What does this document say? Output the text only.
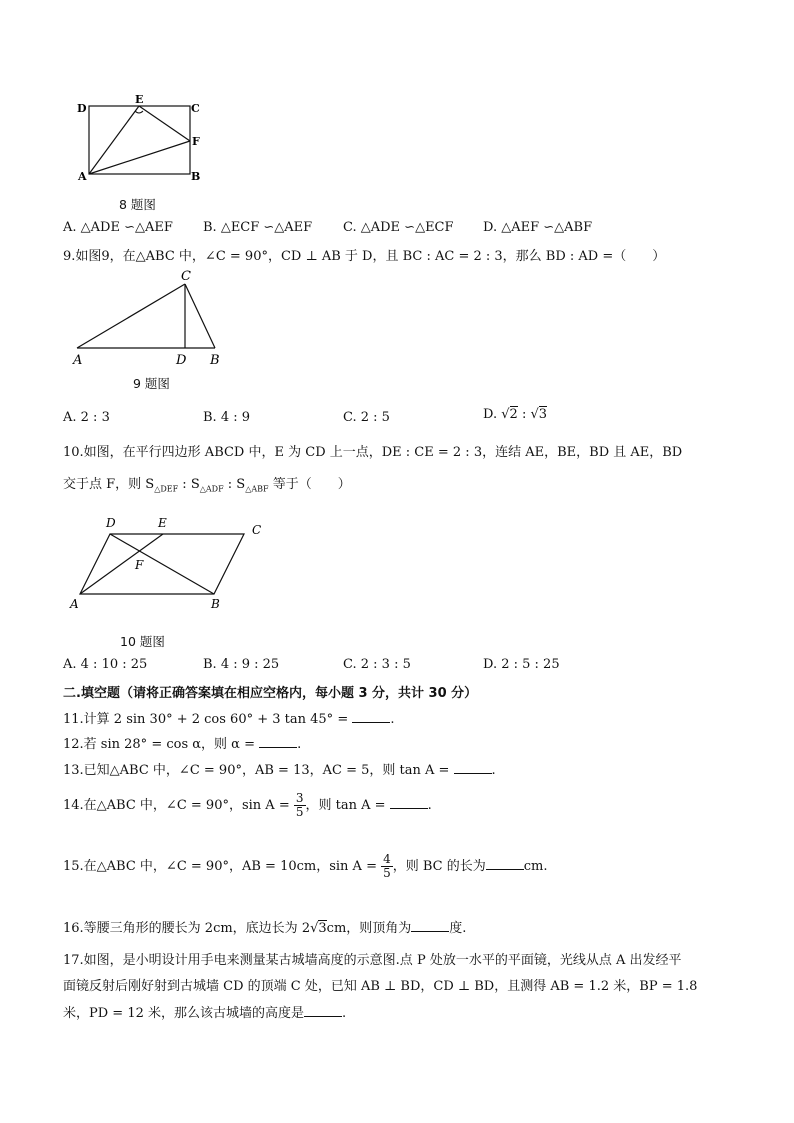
D
E
C
F
A	B
8 题图
A. △ADE ∽△AEF B. △ECF ∽△AEF C. △ADE ∽△ECF D. △AEF ∽△ABF
9.如图9，在△ABC 中，∠C = 90°，CD ⊥ AB 于 D，且 BC : AC = 2 : 3，那么 BD : AD =（　　）
C
A	D B
9 题图
A. 2 : 3	B. 4 : 9	C. 2 : 5	D. √2 : √3
10.如图，在平行四边形 ABCD 中，E 为 CD 上一点，DE : CE = 2 : 3，连结 AE，BE，BD 且 AE，BD
交于点 F，则 $S_{\triangle DEF}$ : $S_{\triangle ADF}$ : $S_{\triangle ABF}$ 等于（　　）
D	E	C
F
A	B
10 题图
A. 4 : 10 : 25	B. 4 : 9 : 25	C. 2 : 3 : 5	D. 2 : 5 : 25
二.填空题（请将正确答案填在相应空格内，每小题 3 分，共计 30 分）
11.计算 2 sin 30° + 2 cos 60° + 3 tan 45° =	.
12.若 sin 28° = cos α，则 α =	.
13.已知△ABC 中，∠C = 90°，AB = 13，AC = 5，则 tan A =	.
14.在△ABC 中，∠C = 90°，$\sin A = \frac{3}{5}$ ，则 tan A =	.
15.在△ABC 中，∠C = 90°，AB = 10cm，$\sin A = \frac{4}{5}$ ，则 BC 的长为	cm.
16.等腰三角形的腰长为 2cm，底边长为 2√3cm，则顶角为	度.
17.如图，是小明设计用手电来测量某古城墙高度的示意图.点 P 处放一水平的平面镜，光线从点 A 出发经平
面镜反射后刚好射到古城墙 CD 的顶端 C 处，已知 AB ⊥ BD，CD ⊥ BD，且测得 AB = 1.2 米，BP = 1.8
米，PD = 12 米，那么该古城墙的高度是	.
